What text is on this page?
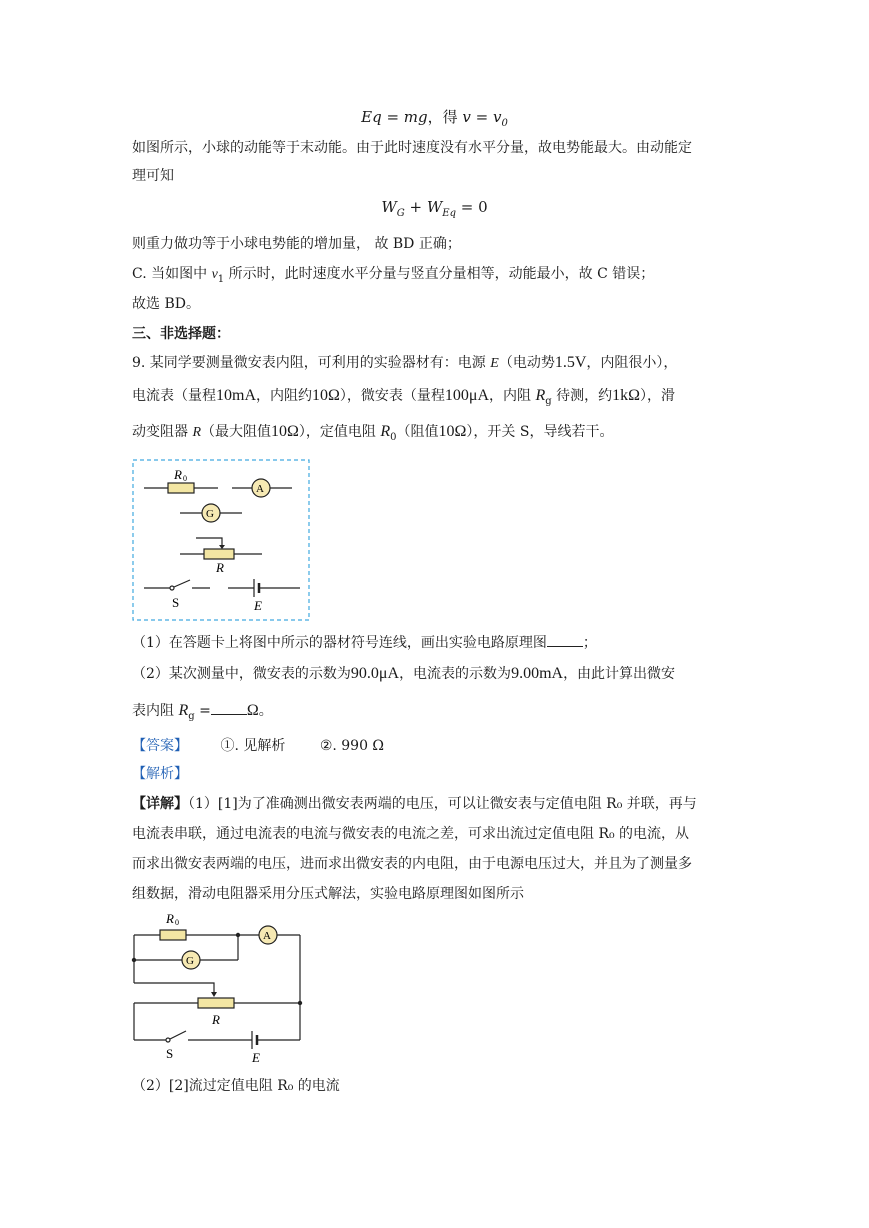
Eq = mg，得 $v = v_0$
如图所示，小球的动能等于末动能。由于此时速度没有水平分量，故电势能最大。由动能定
理可知
$W_G + W_{Eq} = 0$
则重力做功等于小球电势能的增加量， 故 BD 正确；
C. 当如图中 $v_1$ 所示时，此时速度水平分量与竖直分量相等，动能最小，故 C 错误；
故选 BD。
三、非选择题：
9. 某同学要测量微安表内阻，可利用的实验器材有：电源 E（电动势1.5V，内阻很小），
电流表（量程10mA，内阻约10Ω），微安表（量程100μA，内阻 $R_g$ 待测，约1kΩ），滑
动变阻器 R（最大阻值10Ω），定值电阻 $R_0$（阻值10Ω），开关 S，导线若干。
R 0
A
G
R
S	E
（1）在答题卡上将图中所示的器材符号连线，画出实验电路原理图	；
（2）某次测量中，微安表的示数为90.0μA，电流表的示数为9.00mA，由此计算出微安
表内阻 $R_g = \Omega$。
【答案】 ①. 见解析 ②. 990 Ω
【解析】
【详解】（1）[1]为了准确测出微安表两端的电压，可以让微安表与定值电阻 R₀ 并联，再与
电流表串联，通过电流表的电流与微安表的电流之差，可求出流过定值电阻 R₀ 的电流，从
而求出微安表两端的电压，进而求出微安表的内电阻，由于电源电压过大，并且为了测量多
组数据，滑动电阻器采用分压式解法，实验电路原理图如图所示
R 0
A
G
R
S	E
（2）[2]流过定值电阻 R₀ 的电流
